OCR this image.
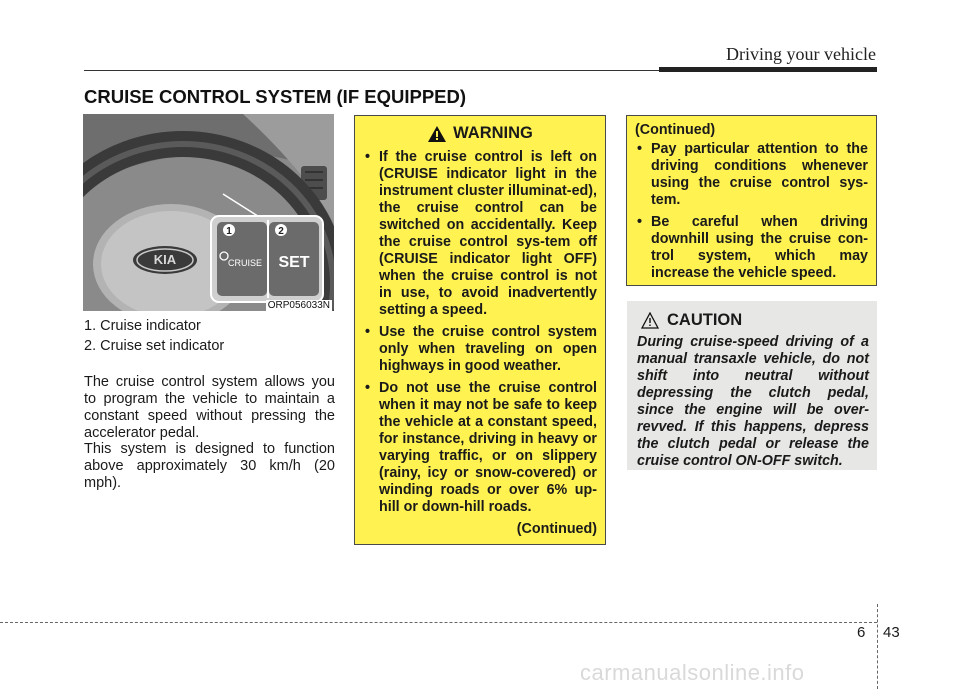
Driving your vehicle
CRUISE CONTROL SYSTEM (IF EQUIPPED)
KIA
1	2
CRUISE SET
ORP056033N
1. Cruise indicator
2. Cruise set indicator
The cruise control system allows you to program the vehicle to maintain a constant speed without pressing the accelerator pedal.
This system is designed to function above approximately 30 km/h (20 mph).
WARNING
• If the cruise control is left on (CRUISE indicator light in the instrument cluster illuminat-ed), the cruise control can be switched on accidentally. Keep the cruise control sys-tem off (CRUISE indicator light OFF) when the cruise control is not in use, to avoid inadvertently setting a speed.
• Use the cruise control system only when traveling on open highways in good weather.
• Do not use the cruise control when it may not be safe to keep the vehicle at a constant speed, for instance, driving in heavy or varying traffic, or on slippery (rainy, icy or snow-covered) or winding roads or over 6% up-hill or down-hill roads.
(Continued)
(Continued)
• Pay particular attention to the driving conditions whenever using the cruise control sys-tem.
• Be careful when driving downhill using the cruise con-trol system, which may increase the vehicle speed.
CAUTION
During cruise-speed driving of a manual transaxle vehicle, do not shift into neutral without depressing the clutch pedal, since the engine will be over-revved. If this happens, depress the clutch pedal or release the cruise control ON-OFF switch.
6 43
carmanualsonline.info
